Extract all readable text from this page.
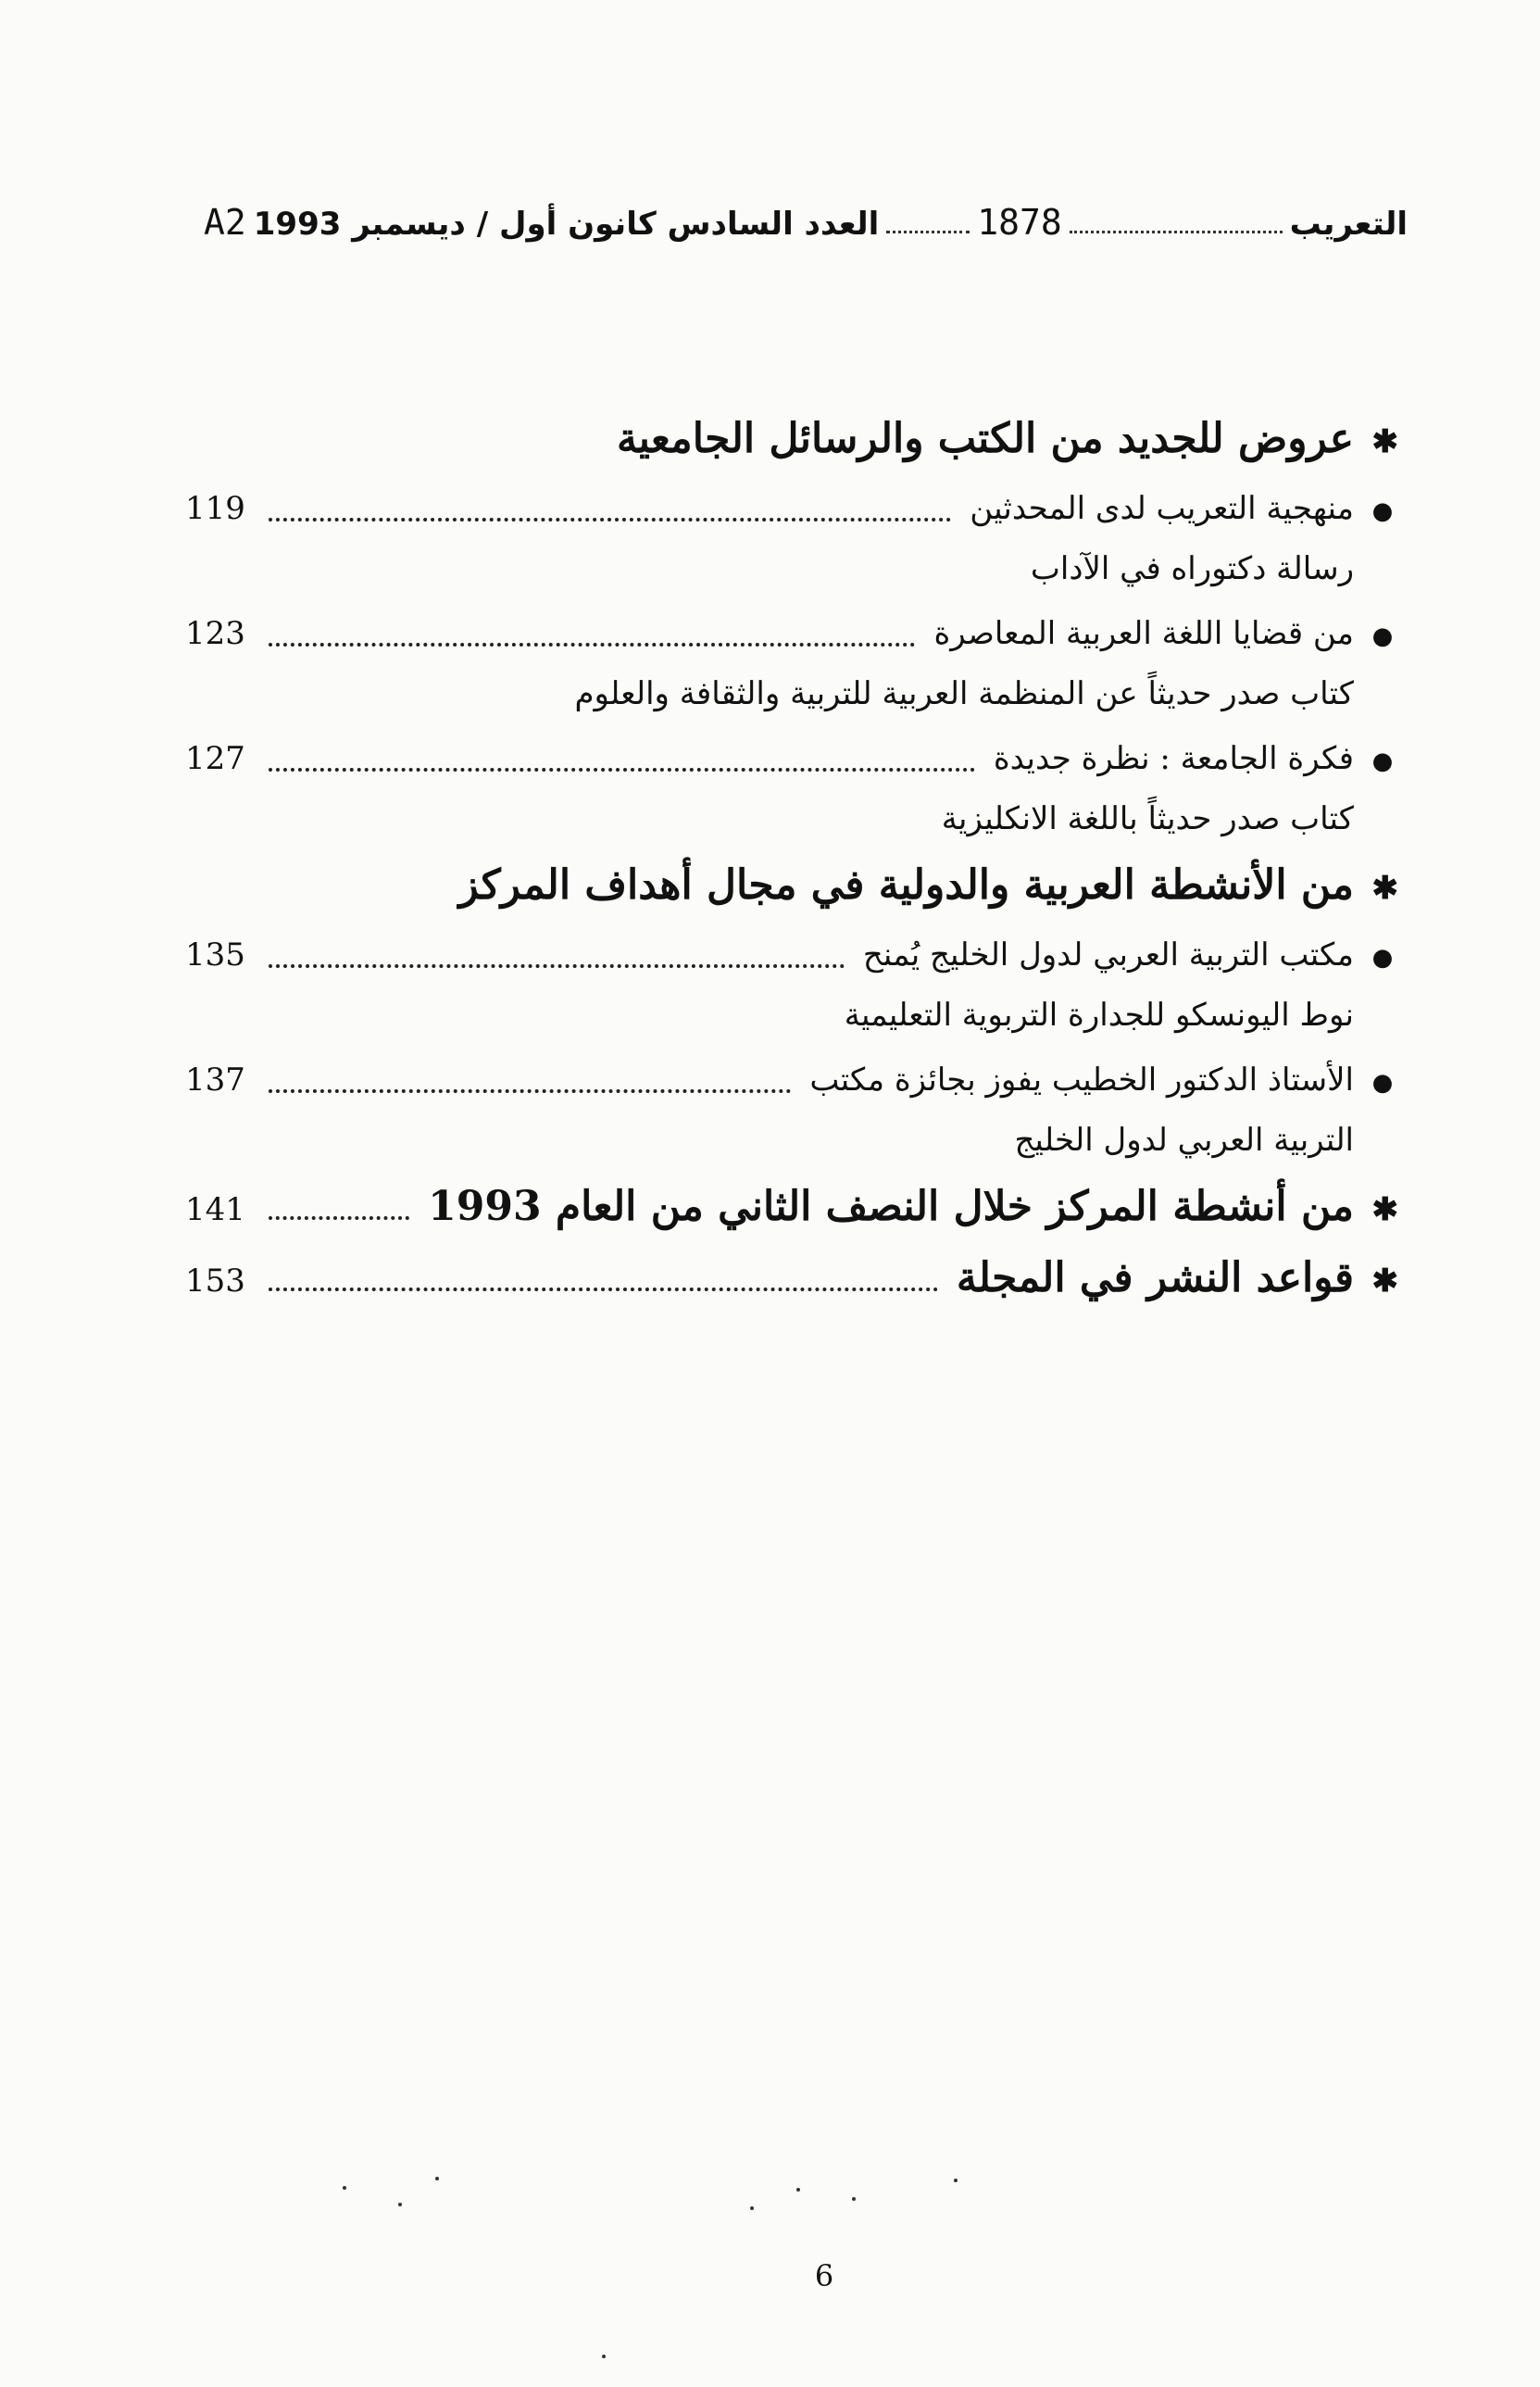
التعريب
1878
العدد السادس كانون أول / ديسمبر 1993
A2
✱
عروض للجديد من الكتب والرسائل الجامعية
●
منهجية التعريب لدى المحدثين
119
رسالة دكتوراه في الآداب
●
من قضايا اللغة العربية المعاصرة
123
كتاب صدر حديثاً عن المنظمة العربية للتربية والثقافة والعلوم
●
فكرة الجامعة : نظرة جديدة
127
كتاب صدر حديثاً باللغة الانكليزية
✱
من الأنشطة العربية والدولية في مجال أهداف المركز
●
مكتب التربية العربي لدول الخليج يُمنح
135
نوط اليونسكو للجدارة التربوية التعليمية
●
الأستاذ الدكتور الخطيب يفوز بجائزة مكتب
137
التربية العربي لدول الخليج
✱
من أنشطة المركز خلال النصف الثاني من العام 1993
141
✱
قواعد النشر في المجلة
153
6
